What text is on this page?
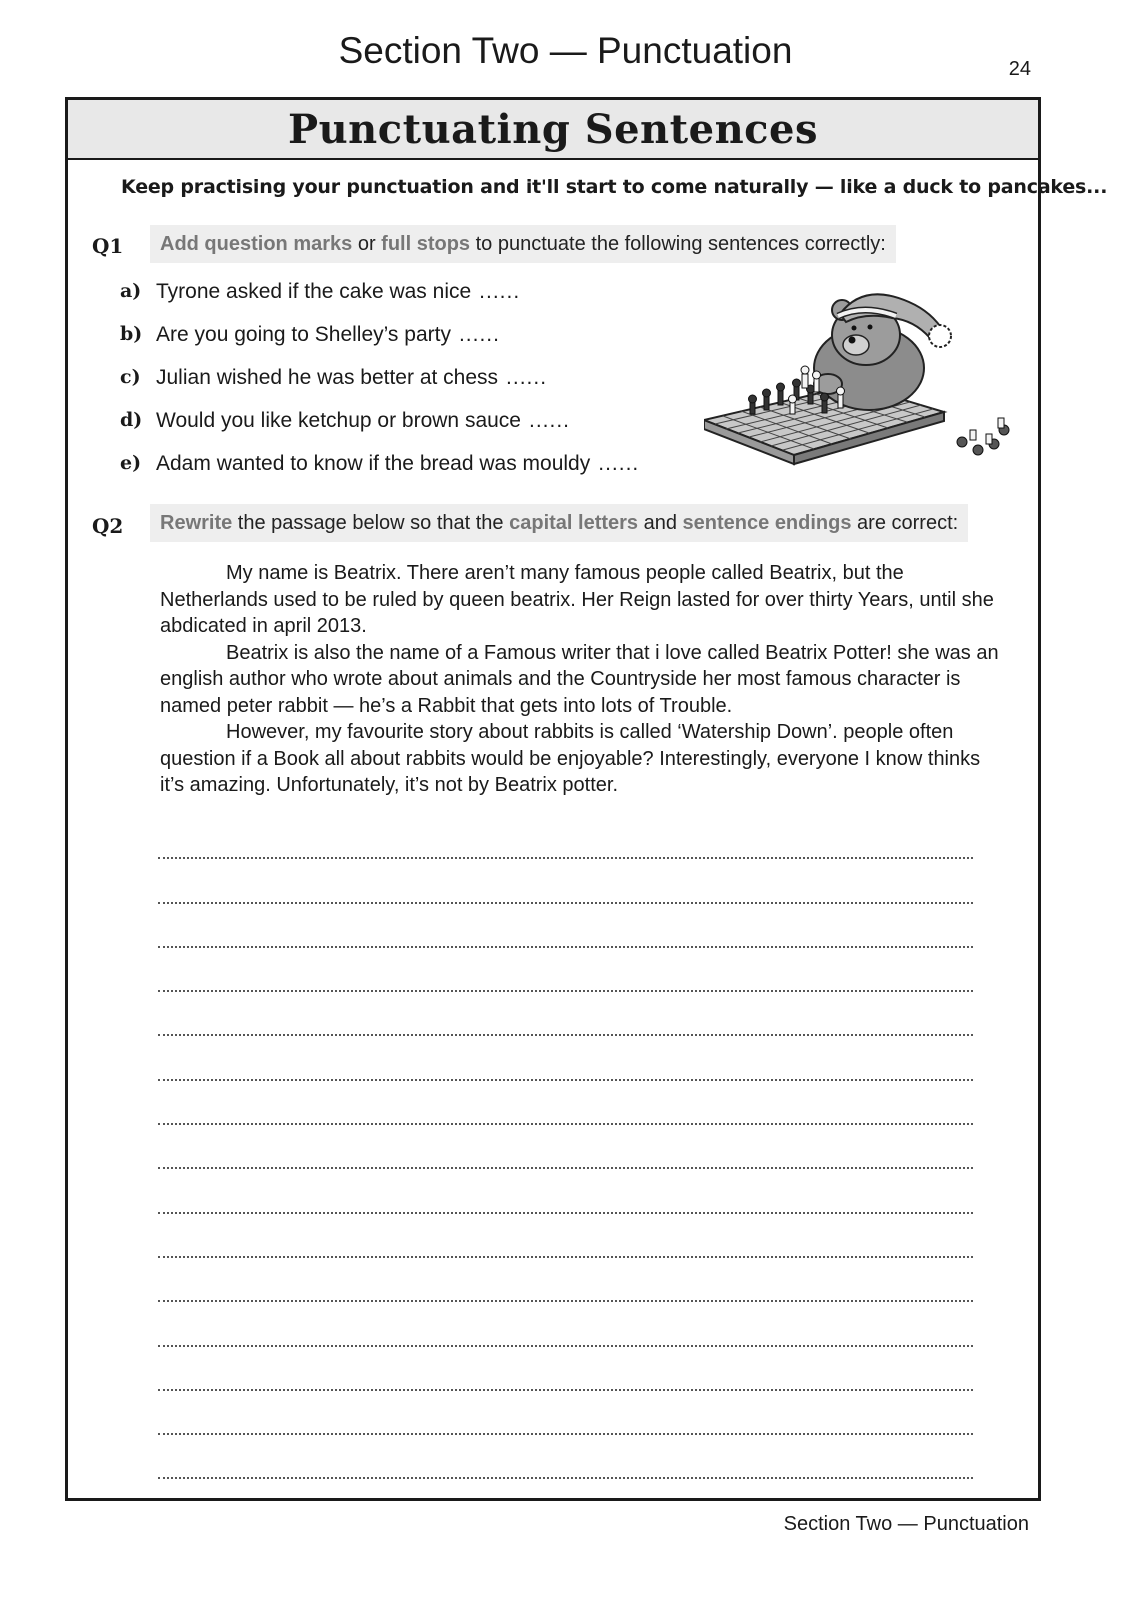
Section Two — Punctuation	24
Punctuating Sentences
Keep practising your punctuation and it'll start to come naturally — like a duck to pancakes...
Q1 Add question marks or full stops to punctuate the following sentences correctly:
a) Tyrone asked if the cake was nice ......
b) Are you going to Shelley’s party ......
c) Julian wished he was better at chess ......
d) Would you like ketchup or brown sauce ......
e) Adam wanted to know if the bread was mouldy ......
Q2 Rewrite the passage below so that the capital letters and sentence endings are correct:

My name is Beatrix. There aren’t many famous people called Beatrix, but the Netherlands used to be ruled by queen beatrix. Her Reign lasted for over thirty Years, until she abdicated in april 2013.

Beatrix is also the name of a Famous writer that i love called Beatrix Potter! she was an english author who wrote about animals and the Countryside her most famous character is named peter rabbit — he’s a Rabbit that gets into lots of Trouble.

However, my favourite story about rabbits is called ‘Watership Down’. people often question if a Book all about rabbits would be enjoyable? Interestingly, everyone I know thinks it’s amazing. Unfortunately, it’s not by Beatrix potter.

Section Two — Punctuation
